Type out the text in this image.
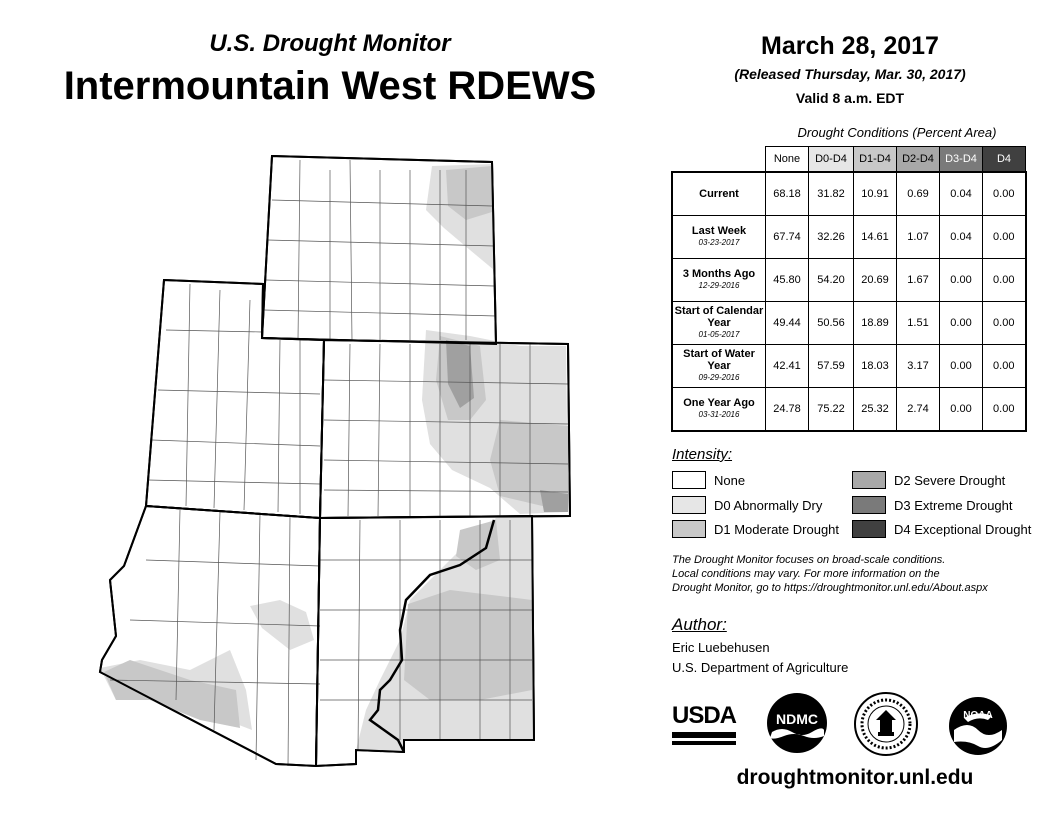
U.S. Drought Monitor
Intermountain West RDEWS
March 28, 2017
(Released Thursday, Mar. 30, 2017)
Valid 8 a.m. EDT
Drought Conditions (Percent Area)
	None	D0-D4	D1-D4	D2-D4	D3-D4	D4
Current	68.18	31.82	10.91	0.69	0.04	0.00
Last Week
03-23-2017	67.74	32.26	14.61	1.07	0.04	0.00
3 Months Ago
12-29-2016	45.80	54.20	20.69	1.67	0.00	0.00
Start of Calendar Year
01-05-2017	49.44	50.56	18.89	1.51	0.00	0.00
Start of Water Year
09-29-2016	42.41	57.59	18.03	3.17	0.00	0.00
One Year Ago
03-31-2016	24.78	75.22	25.32	2.74	0.00	0.00
Intensity:
None
D0 Abnormally Dry
D1 Moderate Drought
D2 Severe Drought
D3 Extreme Drought
D4 Exceptional Drought
The Drought Monitor focuses on broad-scale conditions.
Local conditions may vary. For more information on the
Drought Monitor, go to https://droughtmonitor.unl.edu/About.aspx
Author:
Eric Luebehusen
U.S. Department of Agriculture
USDA	NDMC	NOAA
droughtmonitor.unl.edu
